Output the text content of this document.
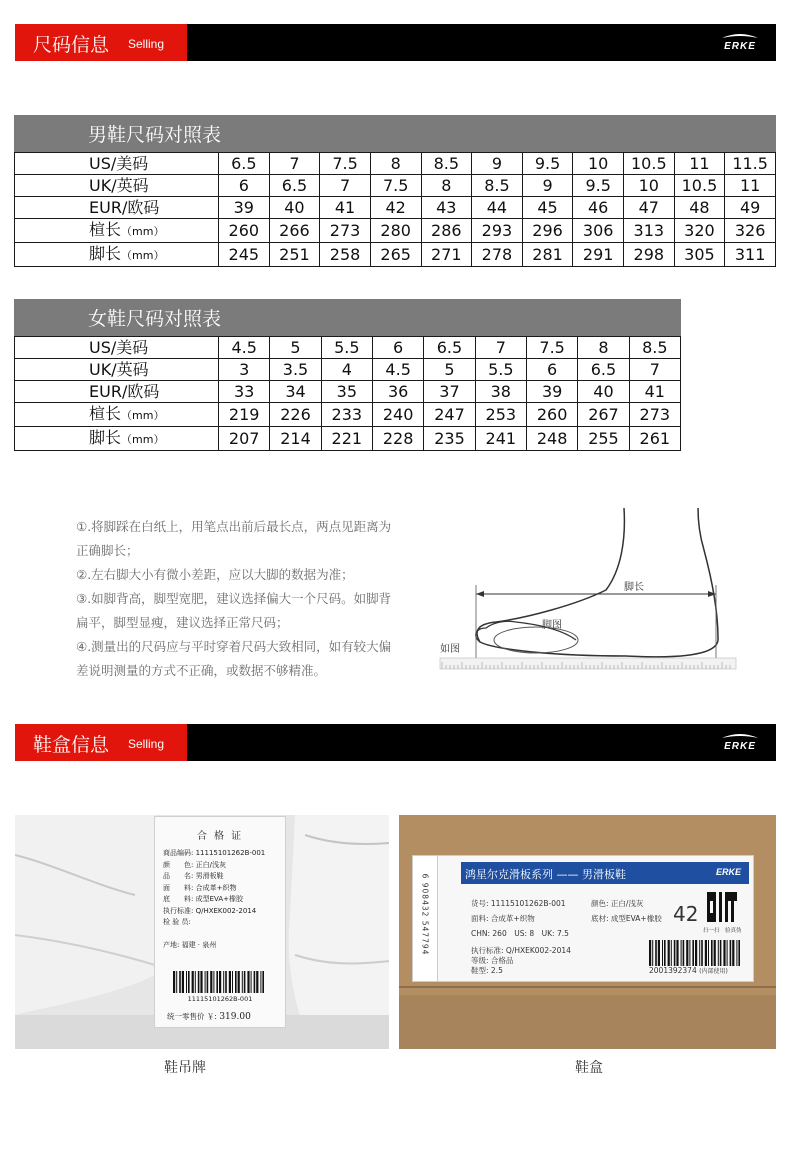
尺码信息 Selling	ERKE
男鞋尺码对照表
US/美码	6.5	7	7.5	8	8.5	9	9.5	10	10.5	11	11.5
UK/英码	6	6.5	7	7.5	8	8.5	9	9.5	10	10.5	11
EUR/欧码	39	40	41	42	43	44	45	46	47	48	49
楦长（mm）	260	266	273	280	286	293	296	306	313	320	326
脚长（mm）	245	251	258	265	271	278	281	291	298	305	311
女鞋尺码对照表
US/美码	4.5	5	5.5	6	6.5	7	7.5	8	8.5
UK/英码	3	3.5	4	4.5	5	5.5	6	6.5	7
EUR/欧码	33	34	35	36	37	38	39	40	41
楦长（mm）	219	226	233	240	247	253	260	267	273
脚长（mm）	207	214	221	228	235	241	248	255	261

①.将脚踩在白纸上，用笔点出前后最长点，两点见距离为

正确脚长；

②.左右脚大小有微小差距，应以大脚的数据为准；

③.如脚背高，脚型宽肥，建议选择偏大一个尺码。如脚背

扁平，脚型显瘦，建议选择正常尺码；

④.测量出的尺码应与平时穿着尺码大致相同，如有较大偏

差说明测量的方式不正确，或数据不够精准。

脚长
脚图
如图
鞋盒信息 Selling	ERKE
合 格 证
商品编码: 11115101262B-001
颜　　色: 正白/浅灰
品　　名: 男滑板鞋
面　　料: 合成革+织物
底　　料: 成型EVA+橡胶
执行标准: Q/HXEK002-2014
检 验 员:

产地: 福建 · 泉州
11115101262B-001
统一零售价 ￥: 319.00
鞋吊牌
6 908432 547794	鸿星尔克滑板系列 —— 男滑板鞋	ERKE
货号: 11115101262B-001
面料: 合成革+织物
CHN: 260　US: 8　UK: 7.5
颜色: 正白/浅灰
底材: 成型EVA+橡胶 42
扫一扫　验真伪
执行标准: Q/HXEK002-2014
等级: 合格品
鞋型: 2.5	2001392374 (内部使用)
鞋盒
